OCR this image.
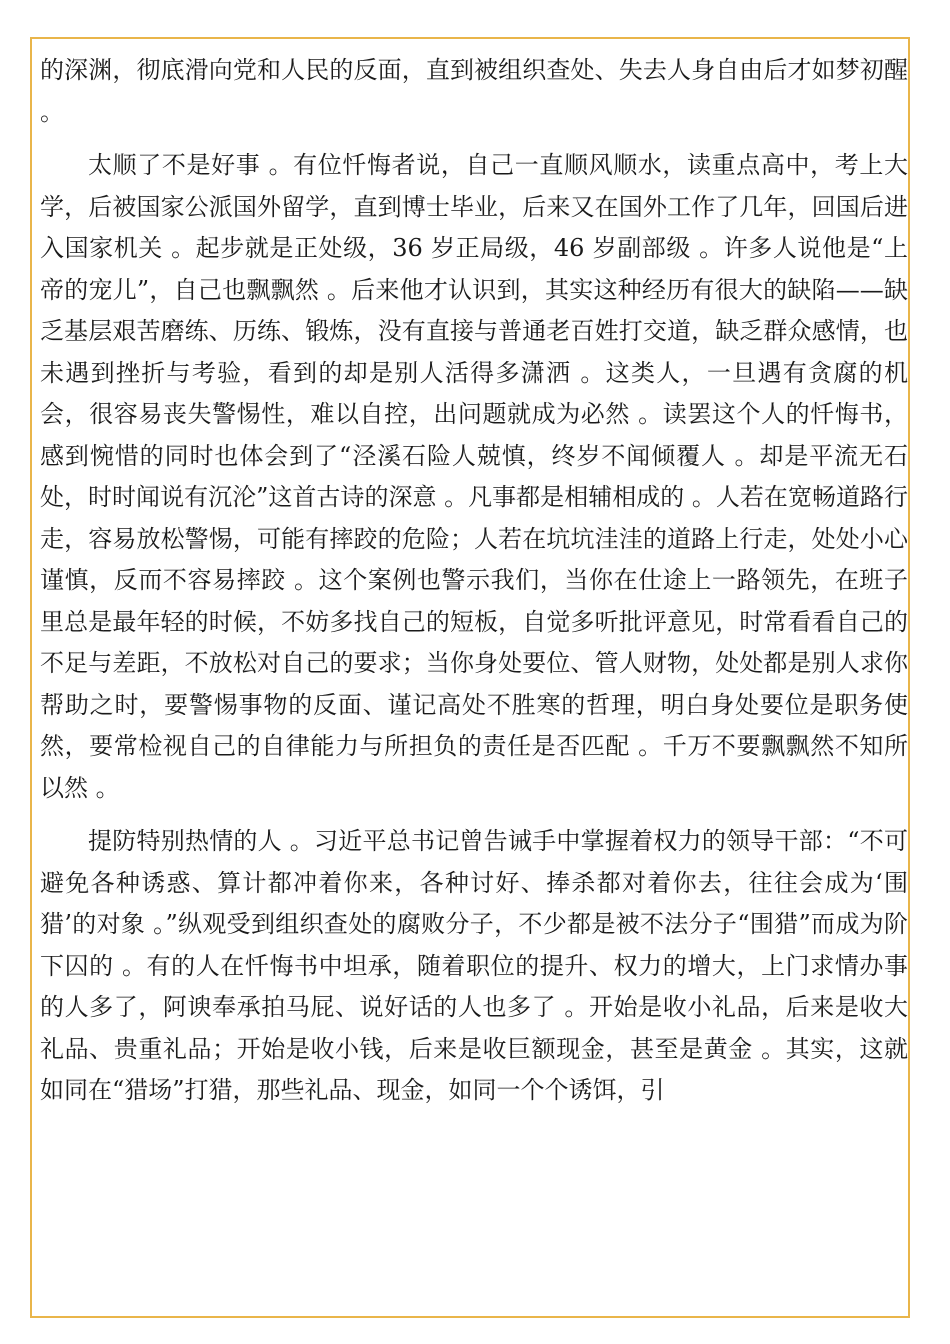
的深渊，彻底滑向党和人民的反面，直到被组织查处、失去人身自由后才如梦初醒 。

太顺了不是好事 。有位忏悔者说，自己一直顺风顺水，读重点高中，考上大学，后被国家公派国外留学，直到博士毕业，后来又在国外工作了几年，回国后进入国家机关 。起步就是正处级，36 岁正局级，46 岁副部级 。许多人说他是“上帝的宠儿”，自己也飘飘然 。后来他才认识到，其实这种经历有很大的缺陷——缺乏基层艰苦磨练、历练、锻炼，没有直接与普通老百姓打交道，缺乏群众感情，也未遇到挫折与考验，看到的却是别人活得多潇洒 。这类人，一旦遇有贪腐的机会，很容易丧失警惕性，难以自控，出问题就成为必然 。读罢这个人的忏悔书，感到惋惜的同时也体会到了“泾溪石险人兢慎，终岁不闻倾覆人 。却是平流无石处，时时闻说有沉沦”这首古诗的深意 。凡事都是相辅相成的 。人若在宽畅道路行走，容易放松警惕，可能有摔跤的危险；人若在坑坑洼洼的道路上行走，处处小心谨慎，反而不容易摔跤 。这个案例也警示我们，当你在仕途上一路领先，在班子里总是最年轻的时候，不妨多找自己的短板，自觉多听批评意见，时常看看自己的不足与差距，不放松对自己的要求；当你身处要位、管人财物，处处都是别人求你帮助之时，要警惕事物的反面、谨记高处不胜寒的哲理，明白身处要位是职务使然，要常检视自己的自律能力与所担负的责任是否匹配 。千万不要飘飘然不知所以然 。

提防特别热情的人 。习近平总书记曾告诫手中掌握着权力的领导干部：“不可避免各种诱惑、算计都冲着你来，各种讨好、捧杀都对着你去，往往会成为‘围猎’的对象 。”纵观受到组织查处的腐败分子，不少都是被不法分子“围猎”而成为阶下囚的 。有的人在忏悔书中坦承，随着职位的提升、权力的增大，上门求情办事的人多了，阿谀奉承拍马屁、说好话的人也多了 。开始是收小礼品，后来是收大礼品、贵重礼品；开始是收小钱，后来是收巨额现金，甚至是黄金 。其实，这就如同在“猎场”打猎，那些礼品、现金，如同一个个诱饵，引
